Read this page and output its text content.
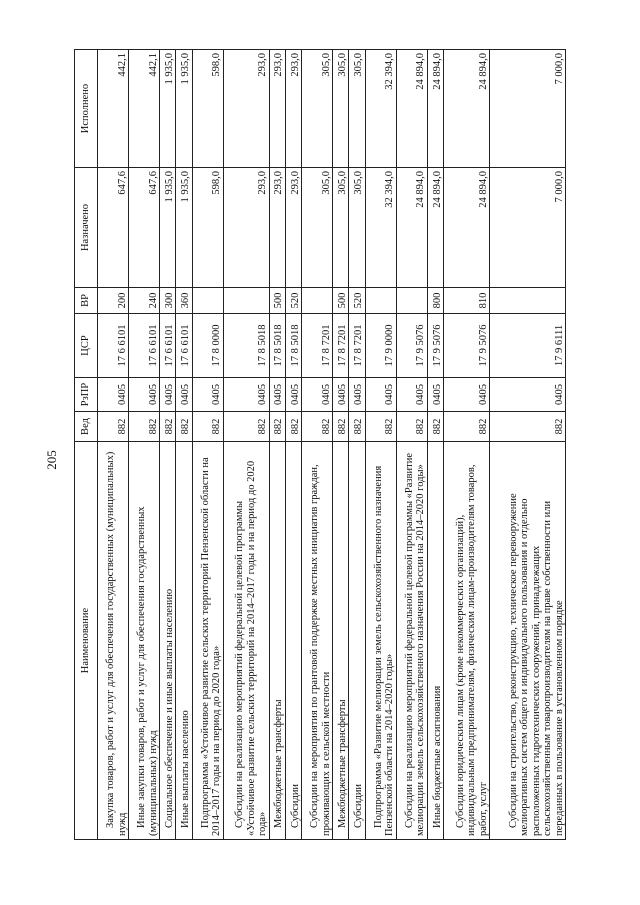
205
Наименование	Вед	РзПР	ЦСР	ВР	Назначено	Исполнено
Закупка товаров, работ и услуг для обеспечения государственных (муниципальных) нужд	882	0405	17 6 6101	200	647,6	442,1
Иные закупки товаров, работ и услуг для обеспечения государственных (муниципальных) нужд	882	0405	17 6 6101	240	647,6	442,1
Социальное обеспечение и иные выплаты населению	882	0405	17 6 6101	300	1 935,0	1 935,0
Иные выплаты населению	882	0405	17 6 6101	360	1 935,0	1 935,0
Подпрограмма «Устойчивое развитие сельских территорий Пензенской области на 2014–2017 годы и на период до 2020 года»	882	0405	17 8 0000		598,0	598,0
Субсидии на реализацию мероприятий федеральной целевой программы «Устойчивое развитие сельских территорий на 2014–2017 годы и на период до 2020 года»	882	0405	17 8 5018		293,0	293,0
Межбюджетные трансферты	882	0405	17 8 5018	500	293,0	293,0
Субсидии	882	0405	17 8 5018	520	293,0	293,0
Субсидии на мероприятия по грантовой поддержке местных инициатив граждан, проживающих в сельской местности	882	0405	17 8 7201		305,0	305,0
Межбюджетные трансферты	882	0405	17 8 7201	500	305,0	305,0
Субсидии	882	0405	17 8 7201	520	305,0	305,0
Подпрограмма «Развитие мелиорации земель сельскохозяйственного назначения Пензенской области на 2014–2020 годы»	882	0405	17 9 0000		32 394,0	32 394,0
Субсидии на реализацию мероприятий федеральной целевой программы «Развитие мелиорации земель сельскохозяйственного назначения России на 2014–2020 годы»	882	0405	17 9 5076		24 894,0	24 894,0
Иные бюджетные ассигнования	882	0405	17 9 5076	800	24 894,0	24 894,0
Субсидии юридическим лицам (кроме некоммерческих организаций), индивидуальным предпринимателям, физическим лицам-производителям товаров, работ, услуг	882	0405	17 9 5076	810	24 894,0	24 894,0
Субсидии на строительство, реконструкцию, техническое перевооружение мелиоративных систем общего и индивидуального пользования и отдельно расположенных гидротехнических сооружений, принадлежащих сельскохозяйственным товаропроизводителям на праве собственности или переданных в пользование в установленном порядке	882	0405	17 9 6111		7 000,0	7 000,0
